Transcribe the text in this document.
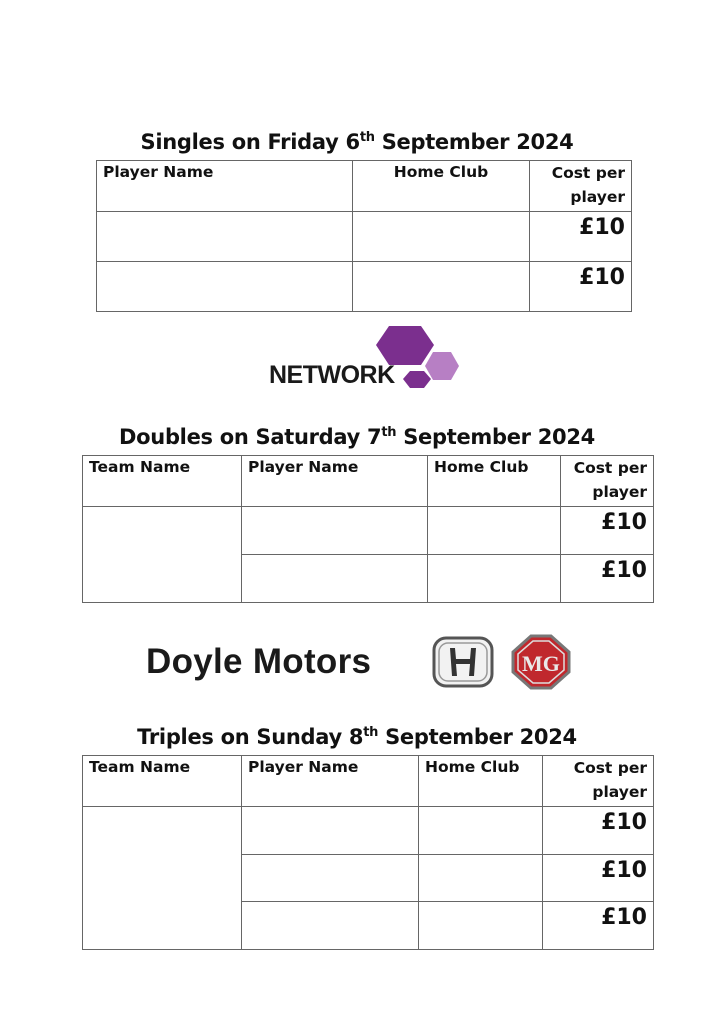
Singles on Friday 6th September 2024
Player Name	Home Club	Cost per
player
		£10
		£10
NETWORK
Doubles on Saturday 7th September 2024
Team Name	Player Name	Home Club	Cost per
player
			£10
			£10
Doyle Motors	MG
Triples on Sunday 8th September 2024
Team Name	Player Name	Home Club	Cost per
player
			£10
			£10
			£10
